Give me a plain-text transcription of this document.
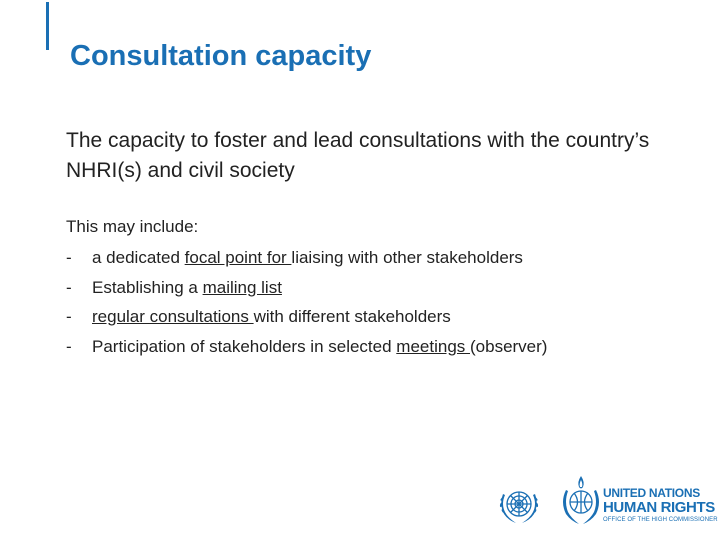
Consultation capacity
The capacity to foster and lead consultations with the country’s NHRI(s) and civil society
This may include:
- a dedicated focal point for liaising with other stakeholders
- Establishing a mailing list
- regular consultations with different stakeholders
- Participation of stakeholders in selected meetings (observer)
UNITED NATIONS
HUMAN RIGHTS
OFFICE OF THE HIGH COMMISSIONER
